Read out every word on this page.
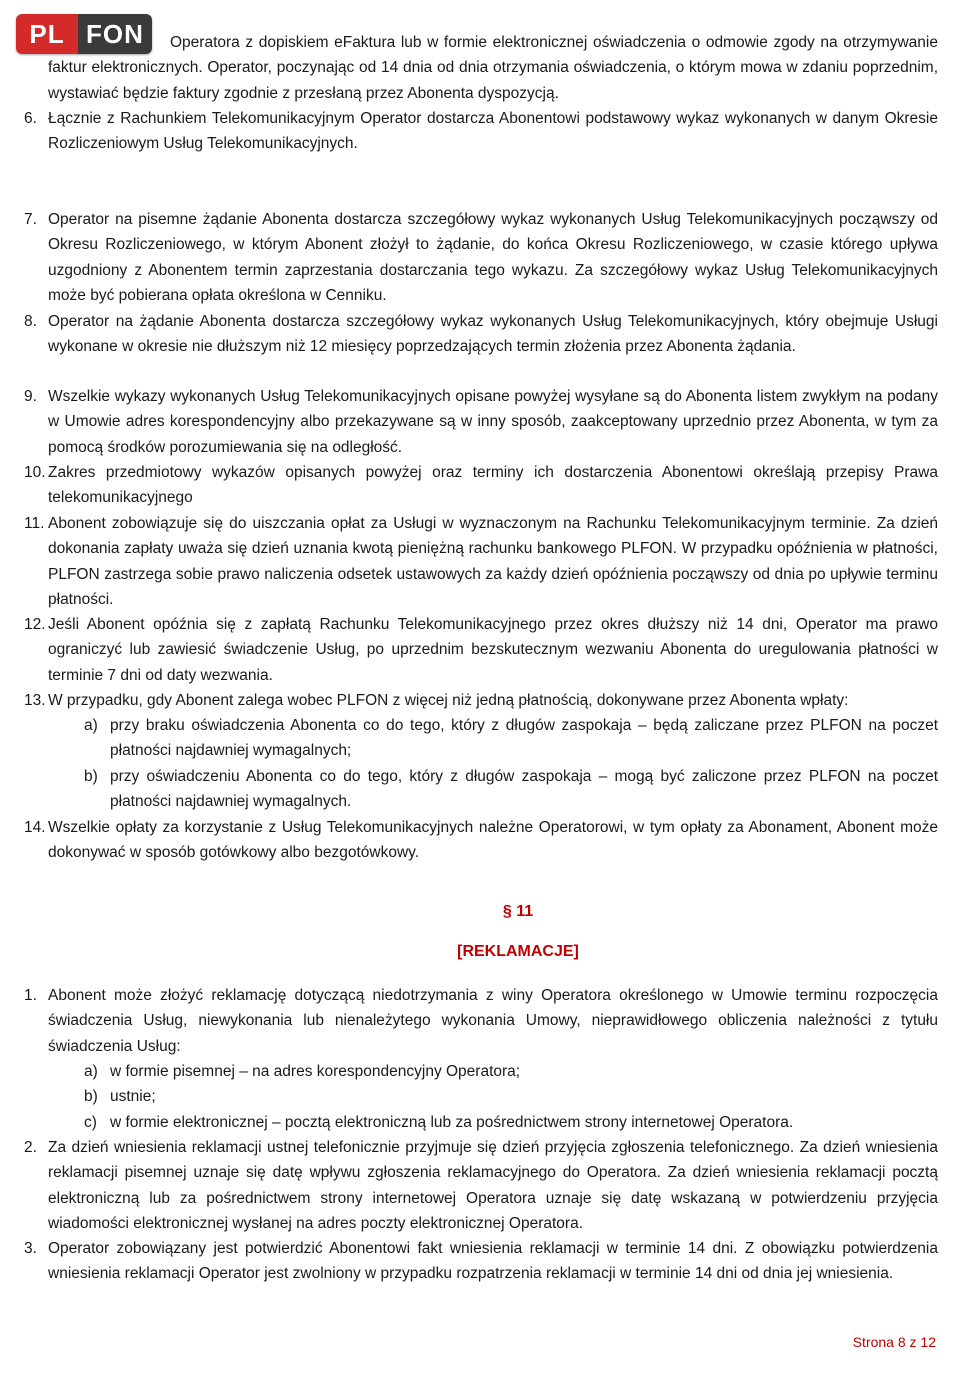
PL FON	Operatora z dopiskiem eFaktura lub w formie elektronicznej oświadczenia o odmowie zgody na otrzymywanie faktur elektronicznych. Operator, poczynając od 14 dnia od dnia otrzymania oświadczenia, o którym mowa w zdaniu poprzednim, wystawiać będzie faktury zgodnie z przesłaną przez Abonenta dyspozycją.
6. Łącznie z Rachunkiem Telekomunikacyjnym Operator dostarcza Abonentowi podstawowy wykaz wykonanych w danym Okresie Rozliczeniowym Usług Telekomunikacyjnych.
7. Operator na pisemne żądanie Abonenta dostarcza szczegółowy wykaz wykonanych Usług Telekomunikacyjnych począwszy od Okresu Rozliczeniowego, w którym Abonent złożył to żądanie, do końca Okresu Rozliczeniowego, w czasie którego upływa uzgodniony z Abonentem termin zaprzestania dostarczania tego wykazu. Za szczegółowy wykaz Usług Telekomunikacyjnych może być pobierana opłata określona w Cenniku.
8. Operator na żądanie Abonenta dostarcza szczegółowy wykaz wykonanych Usług Telekomunikacyjnych, który obejmuje Usługi wykonane w okresie nie dłuższym niż 12 miesięcy poprzedzających termin złożenia przez Abonenta żądania.
9. Wszelkie wykazy wykonanych Usług Telekomunikacyjnych opisane powyżej wysyłane są do Abonenta listem zwykłym na podany w Umowie adres korespondencyjny albo przekazywane są w inny sposób, zaakceptowany uprzednio przez Abonenta, w tym za pomocą środków porozumiewania się na odległość.
10. Zakres przedmiotowy wykazów opisanych powyżej oraz terminy ich dostarczenia Abonentowi określają przepisy Prawa telekomunikacyjnego
11. Abonent zobowiązuje się do uiszczania opłat za Usługi w wyznaczonym na Rachunku Telekomunikacyjnym terminie. Za dzień dokonania zapłaty uważa się dzień uznania kwotą pieniężną rachunku bankowego PLFON. W przypadku opóźnienia w płatności, PLFON zastrzega sobie prawo naliczenia odsetek ustawowych za każdy dzień opóźnienia począwszy od dnia po upływie terminu płatności.
12. Jeśli Abonent opóźnia się z zapłatą Rachunku Telekomunikacyjnego przez okres dłuższy niż 14 dni, Operator ma prawo ograniczyć lub zawiesić świadczenie Usług, po uprzednim bezskutecznym wezwaniu Abonenta do uregulowania płatności w terminie 7 dni od daty wezwania.
13. W przypadku, gdy Abonent zalega wobec PLFON z więcej niż jedną płatnością, dokonywane przez Abonenta wpłaty:
a) przy braku oświadczenia Abonenta co do tego, który z długów zaspokaja – będą zaliczane przez PLFON na poczet płatności najdawniej wymagalnych;
b) przy oświadczeniu Abonenta co do tego, który z długów zaspokaja – mogą być zaliczone przez PLFON na poczet płatności najdawniej wymagalnych.
14. Wszelkie opłaty za korzystanie z Usług Telekomunikacyjnych należne Operatorowi, w tym opłaty za Abonament, Abonent może dokonywać w sposób gotówkowy albo bezgotówkowy.
§ 11
[REKLAMACJE]
1. Abonent może złożyć reklamację dotyczącą niedotrzymania z winy Operatora określonego w Umowie terminu rozpoczęcia świadczenia Usług, niewykonania lub nienależytego wykonania Umowy, nieprawidłowego obliczenia należności z tytułu świadczenia Usług:
a) w formie pisemnej – na adres korespondencyjny Operatora;
b) ustnie;
c) w formie elektronicznej – pocztą elektroniczną lub za pośrednictwem strony internetowej Operatora.
2. Za dzień wniesienia reklamacji ustnej telefonicznie przyjmuje się dzień przyjęcia zgłoszenia telefonicznego. Za dzień wniesienia reklamacji pisemnej uznaje się datę wpływu zgłoszenia reklamacyjnego do Operatora. Za dzień wniesienia reklamacji pocztą elektroniczną lub za pośrednictwem strony internetowej Operatora uznaje się datę wskazaną w potwierdzeniu przyjęcia wiadomości elektronicznej wysłanej na adres poczty elektronicznej Operatora.
3. Operator zobowiązany jest potwierdzić Abonentowi fakt wniesienia reklamacji w terminie 14 dni. Z obowiązku potwierdzenia wniesienia reklamacji Operator jest zwolniony w przypadku rozpatrzenia reklamacji w terminie 14 dni od dnia jej wniesienia.
Strona 8 z 12
